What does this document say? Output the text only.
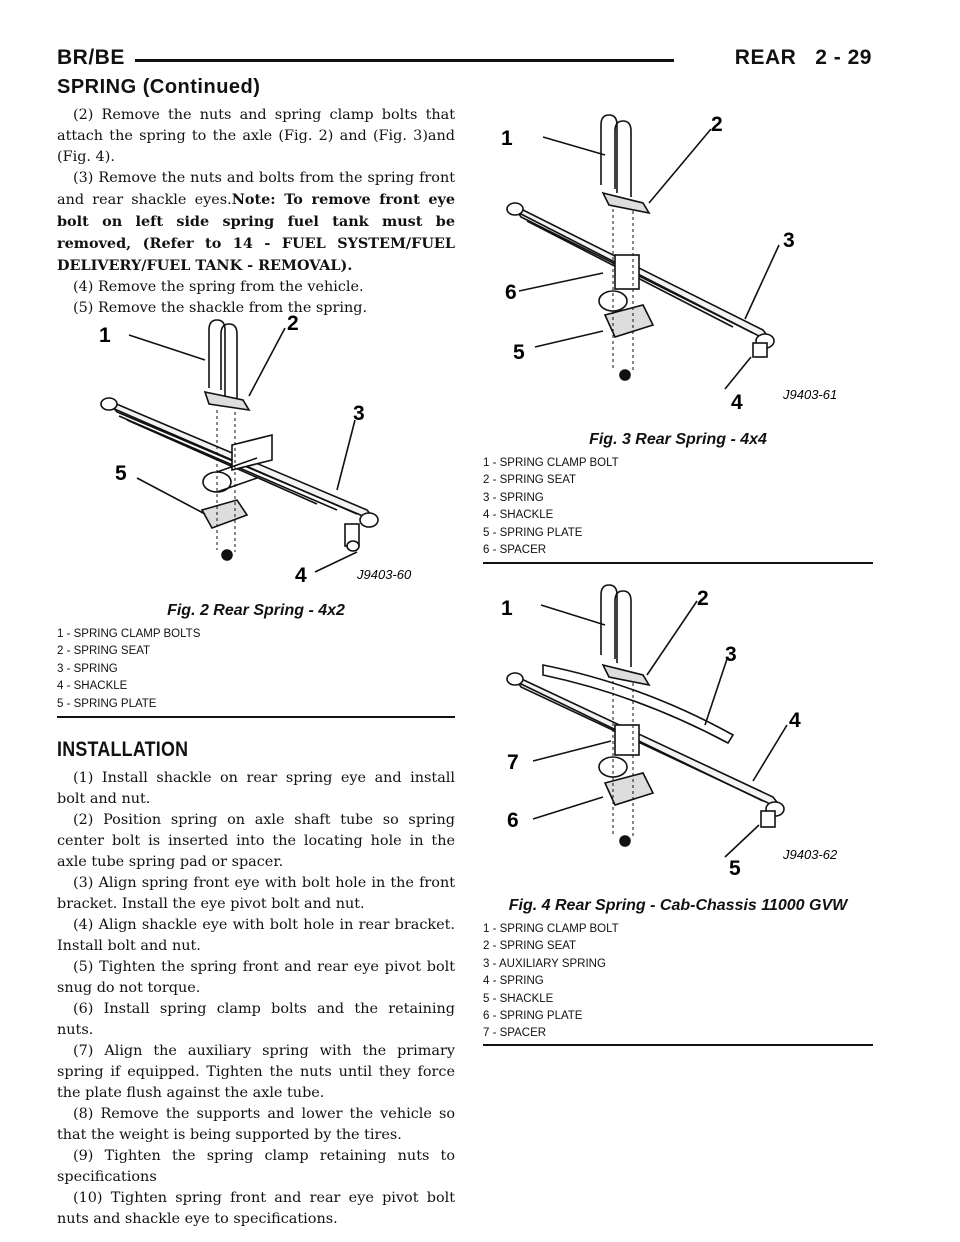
BR/BE	REAR   2 - 29
SPRING (Continued)

(2) Remove the nuts and spring clamp bolts that attach the spring to the axle (Fig. 2) and (Fig. 3)and (Fig. 4).

(3) Remove the nuts and bolts from the spring front and rear shackle eyes.Note: To remove front eye bolt on left side spring fuel tank must be removed, (Refer to 14 - FUEL SYSTEM/FUEL DELIVERY/FUEL TANK - REMOVAL).

(4) Remove the spring from the vehicle.

(5) Remove the shackle from the spring.

1
2
3
4
5
J9403-60
Fig. 2 Rear Spring - 4x2
1 - SPRING CLAMP BOLTS
2 - SPRING SEAT
3 - SPRING
4 - SHACKLE
5 - SPRING PLATE
INSTALLATION

(1) Install shackle on rear spring eye and install bolt and nut.

(2) Position spring on axle shaft tube so spring center bolt is inserted into the locating hole in the axle tube spring pad or spacer.

(3) Align spring front eye with bolt hole in the front bracket. Install the eye pivot bolt and nut.

(4) Align shackle eye with bolt hole in rear bracket. Install bolt and nut.

(5) Tighten the spring front and rear eye pivot bolt snug do not torque.

(6) Install spring clamp bolts and the retaining nuts.

(7) Align the auxiliary spring with the primary spring if equipped. Tighten the nuts until they force the plate flush against the axle tube.

(8) Remove the supports and lower the vehicle so that the weight is being supported by the tires.

(9) Tighten the spring clamp retaining nuts to specifications

(10) Tighten spring front and rear eye pivot bolt nuts and shackle eye to specifications.

1
2
3
4
5
6
J9403-61
Fig. 3 Rear Spring - 4x4
1 - SPRING CLAMP BOLT
2 - SPRING SEAT
3 - SPRING
4 - SHACKLE
5 - SPRING PLATE
6 - SPACER
1	2
3
4
5
6
7
J9403-62
Fig. 4 Rear Spring - Cab-Chassis 11000 GVW
1 - SPRING CLAMP BOLT
2 - SPRING SEAT
3 - AUXILIARY SPRING
4 - SPRING
5 - SHACKLE
6 - SPRING PLATE
7 - SPACER
